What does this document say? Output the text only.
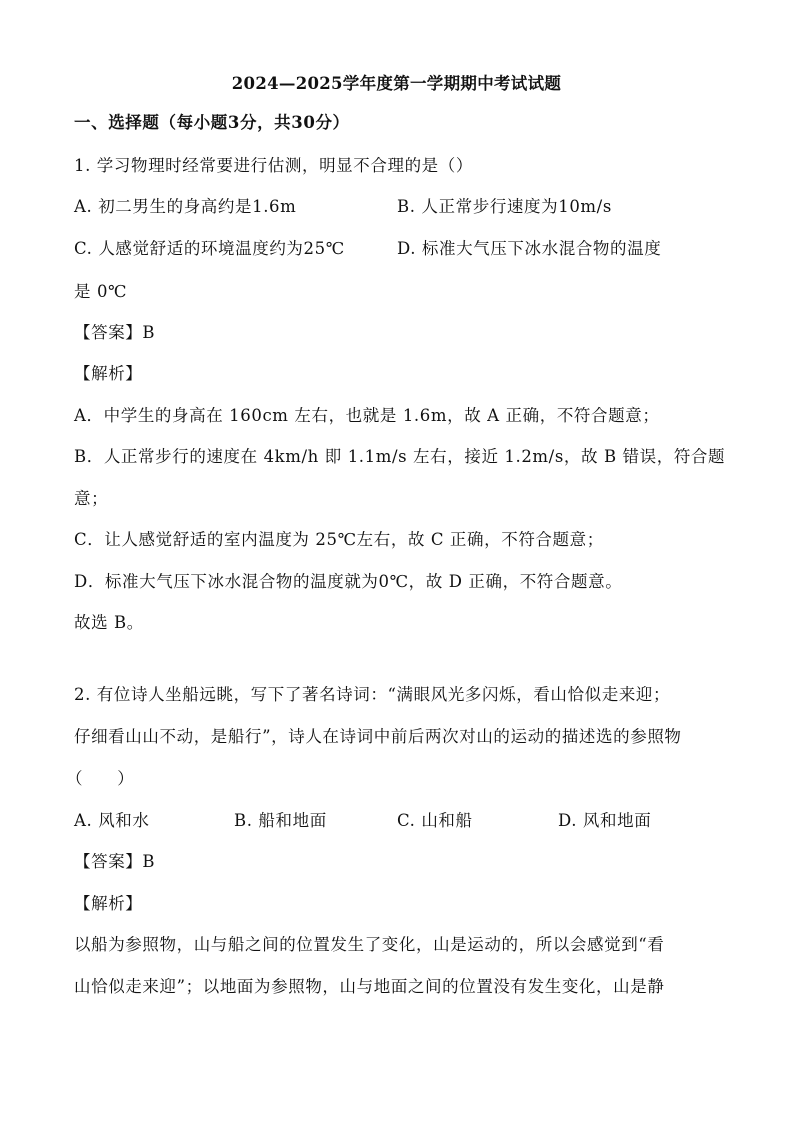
2024—2025学年度第一学期期中考试试题
一、选择题（每小题3分，共30分）
1. 学习物理时经常要进行估测，明显不合理的是（）
A. 初二男生的身高约是1.6m	B. 人正常步行速度为10m/s
C. 人感觉舒适的环境温度约为25℃	D. 标准大气压下冰水混合物的温度
是 0℃
【答案】B
【解析】
A．中学生的身高在 160cm 左右，也就是 1.6m，故 A 正确，不符合题意；
B．人正常步行的速度在 4km/h 即 1.1m/s 左右，接近 1.2m/s，故 B 错误，符合题
意；
C．让人感觉舒适的室内温度为 25℃左右，故 C 正确，不符合题意；
D．标准大气压下冰水混合物的温度就为0℃，故 D 正确，不符合题意。
故选 B。
2. 有位诗人坐船远眺，写下了著名诗词：“满眼风光多闪烁，看山恰似走来迎；
仔细看山山不动，是船行”，诗人在诗词中前后两次对山的运动的描述选的参照物
（　　）
A. 风和水	B. 船和地面	C. 山和船	D. 风和地面
【答案】B
【解析】
以船为参照物，山与船之间的位置发生了变化，山是运动的，所以会感觉到“看
山恰似走来迎”；以地面为参照物，山与地面之间的位置没有发生变化，山是静
